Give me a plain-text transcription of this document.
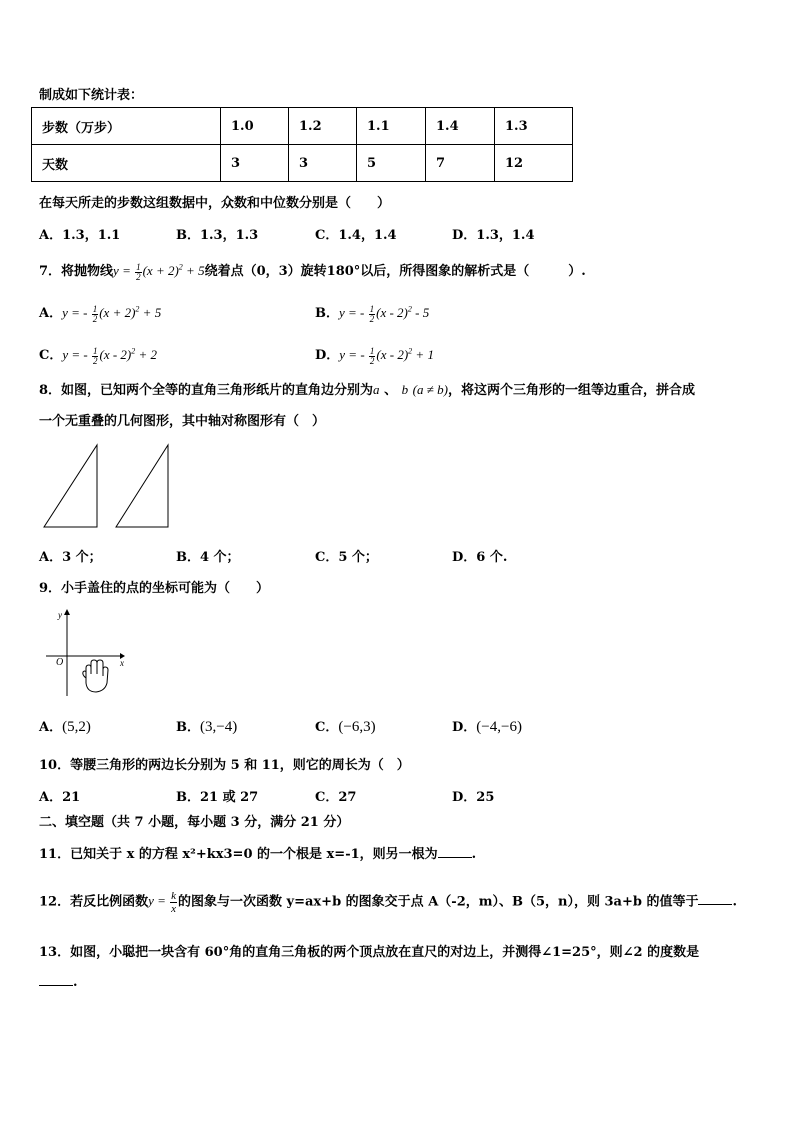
制成如下统计表：
步数（万步）	1.0	1.2	1.1	1.4	1.3
天数	3	3	5	7	12
在每天所走的步数这组数据中，众数和中位数分别是（　　）
A．1.3，1.1	B．1.3，1.3	C．1.4，1.4	D．1.3，1.4
7．将抛物线$y = \frac{1}{2} (x + 2)^2 + 5$绕着点（0，3）旋转180°以后，所得图象的解析式是（　　　）.
A．y = - $\frac{1}{2} (x + 2)^2 + 5$	B．y = - $\frac{1}{2} (x - 2)^2 - 5$
C．y = - $\frac{1}{2} (x - 2)^2 + 2$	D．y = - $\frac{1}{2} (x - 2)^2 + 1$
8．如图，已知两个全等的直角三角形纸片的直角边分别为a 、 b (a ≠ b)，将这两个三角形的一组等边重合，拼合成
一个无重叠的几何图形，其中轴对称图形有（　）
A．3 个；	B．4 个；	C．5 个；	D．6 个.
9．小手盖住的点的坐标可能为（　　）
x
y
O
A．(5,2)	B．(3,−4)	C．(−6,3)	D．(−4,−6)
10．等腰三角形的两边长分别为 5 和 11，则它的周长为（　）
A．21	B．21 或 27	C．27	D．25
二、填空题（共 7 小题，每小题 3 分，满分 21 分）
11．已知关于 x 的方程 x²+kx3=0 的一个根是 x=-1，则另一根为	.
12．若反比例函数$y = \frac{k}{x}$ 的图象与一次函数 y=ax+b 的图象交于点 A（-2，m）、B（5，n），则 3a+b 的值等于	.
13．如图，小聪把一块含有 60°角的直角三角板的两个顶点放在直尺的对边上，并测得∠1=25°，则∠2 的度数是
.
